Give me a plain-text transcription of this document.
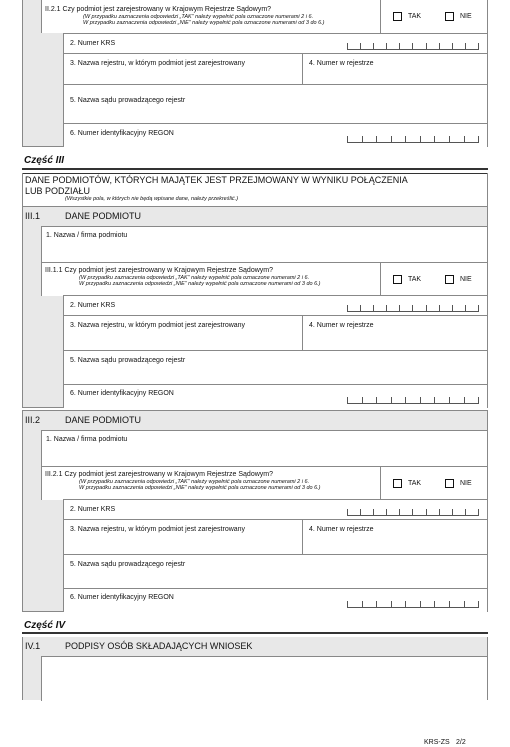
II.2.1 Czy podmiot jest zarejestrowany w Krajowym Rejestrze Sądowym?
(W przypadku zaznaczenia odpowiedzi „TAK” należy wypełnić pola oznaczone numerami 2 i 6.
W przypadku zaznaczenia odpowiedzi „NIE” należy wypełnić pola oznaczone numerami od 3 do 6.)
TAK	NIE
2. Numer KRS
3. Nazwa rejestru, w którym podmiot jest zarejestrowany	4. Numer w rejestrze
5. Nazwa sądu prowadzącego rejestr
6. Numer identyfikacyjny REGON
Część III
DANE PODMIOTÓW, KTÓRYCH MAJĄTEK JEST PRZEJMOWANY W WYNIKU POŁĄCZENIA LUB PODZIAŁU
(Wszystkie pola, w których nie będą wpisane dane, należy przekreślić.)
III.1	DANE PODMIOTU
1. Nazwa / firma podmiotu
III.1.1 Czy podmiot jest zarejestrowany w Krajowym Rejestrze Sądowym?
(W przypadku zaznaczenia odpowiedzi „TAK” należy wypełnić pola oznaczone numerami 2 i 6.
W przypadku zaznaczenia odpowiedzi „NIE” należy wypełnić pola oznaczone numerami od 3 do 6.)
TAK	NIE
2. Numer KRS
3. Nazwa rejestru, w którym podmiot jest zarejestrowany	4. Numer w rejestrze
5. Nazwa sądu prowadzącego rejestr
6. Numer identyfikacyjny REGON
III.2	DANE PODMIOTU
1. Nazwa / firma podmiotu
III.2.1 Czy podmiot jest zarejestrowany w Krajowym Rejestrze Sądowym?
(W przypadku zaznaczenia odpowiedzi „TAK” należy wypełnić pola oznaczone numerami 2 i 6.
W przypadku zaznaczenia odpowiedzi „NIE” należy wypełnić pola oznaczone numerami od 3 do 6.)
TAK	NIE
2. Numer KRS
3. Nazwa rejestru, w którym podmiot jest zarejestrowany	4. Numer w rejestrze
5. Nazwa sądu prowadzącego rejestr
6. Numer identyfikacyjny REGON
Część IV
IV.1	PODPISY OSÓB SKŁADAJĄCYCH WNIOSEK
KRS-ZS 2/2
